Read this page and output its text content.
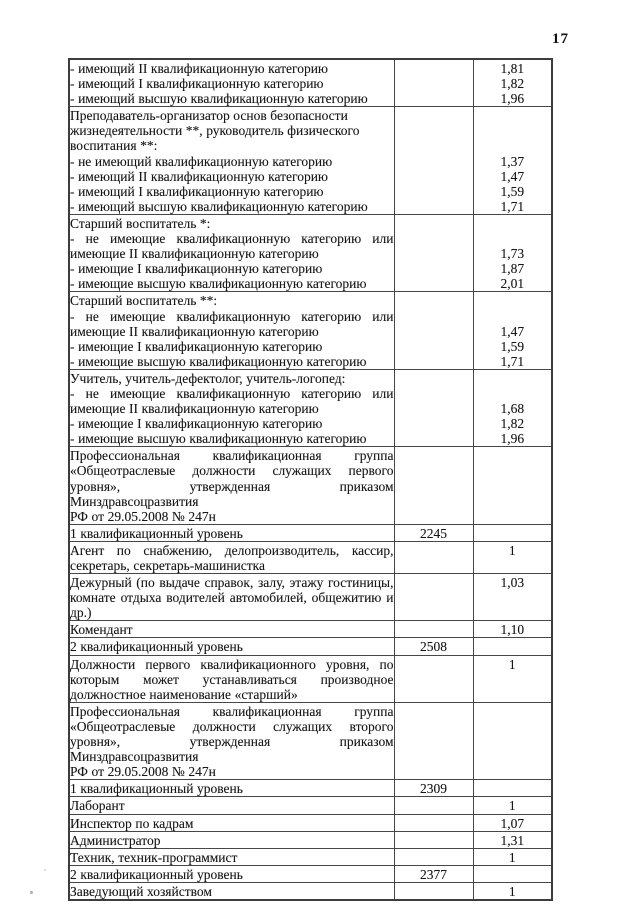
17
- имеющий II квалификационную категорию		1,81
- имеющий I квалификационную категорию		1,82
- имеющий высшую квалификационную категорию		1,96
Преподаватель-организатор основ безопасности		
жизнедеятельности **, руководитель физического		
воспитания **:		
- не имеющий квалификационную категорию		1,37
- имеющий II квалификационную категорию		1,47
- имеющий I квалификационную категорию		1,59
- имеющий высшую квалификационную категорию		1,71
Старший воспитатель *:		
- не имеющие квалификационную категорию или		
имеющие II квалификационную категорию		1,73
- имеющие I квалификационную категорию		1,87
- имеющие высшую квалификационную категорию		2,01
Старший воспитатель **:		
- не имеющие квалификационную категорию или		
имеющие II квалификационную категорию		1,47
- имеющие I квалификационную категорию		1,59
- имеющие высшую квалификационную категорию		1,71
Учитель, учитель-дефектолог, учитель-логопед:		
- не имеющие квалификационную категорию или		
имеющие II квалификационную категорию		1,68
- имеющие I квалификационную категорию		1,82
- имеющие высшую квалификационную категорию		1,96
Профессиональная квалификационная группа		
«Общеотраслевые должности служащих первого		
уровня», утвержденная приказом Минздравсоцразвития		
РФ от 29.05.2008 № 247н		
1 квалификационный уровень	2245	
Агент по снабжению, делопроизводитель, кассир,		1
секретарь, секретарь-машинистка		
Дежурный (по выдаче справок, залу, этажу гостиницы,		1,03
комнате отдыха водителей автомобилей, общежитию и		
др.)		
Комендант		1,10
2 квалификационный уровень	2508	
Должности первого квалификационного уровня, по		1
которым может устанавливаться производное		
должностное наименование «старший»		
Профессиональная квалификационная группа		
«Общеотраслевые должности служащих второго		
уровня», утвержденная приказом Минздравсоцразвития		
РФ от 29.05.2008 № 247н		
1 квалификационный уровень	2309	
Лаборант		1
Инспектор по кадрам		1,07
Администратор		1,31
Техник, техник-программист		1
2 квалификационный уровень	2377	
Заведующий хозяйством		1
